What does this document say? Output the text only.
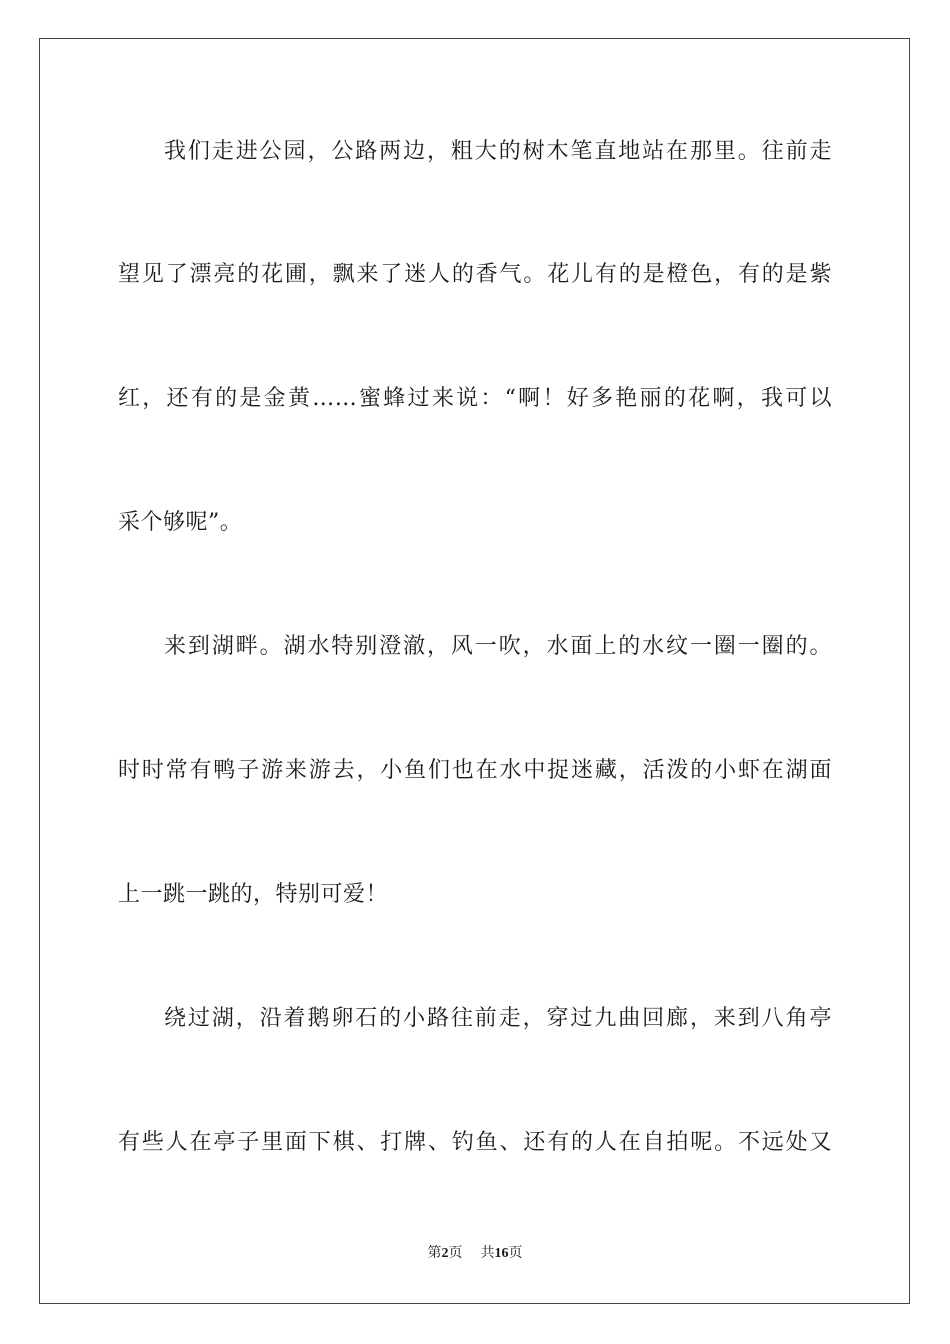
我们走进公园，公路两边，粗大的树木笔直地站在那里。往前走
望见了漂亮的花圃，飘来了迷人的香气。花儿有的是橙色，有的是紫
红，还有的是金黄……蜜蜂过来说：“啊！好多艳丽的花啊，我可以
采个够呢”。
来到湖畔。湖水特别澄澈，风一吹，水面上的水纹一圈一圈的。
时时常有鸭子游来游去，小鱼们也在水中捉迷藏，活泼的小虾在湖面
上一跳一跳的，特别可爱！
绕过湖，沿着鹅卵石的小路往前走，穿过九曲回廊，来到八角亭
有些人在亭子里面下棋、打牌、钓鱼、还有的人在自拍呢。不远处又
第2页 共16页
